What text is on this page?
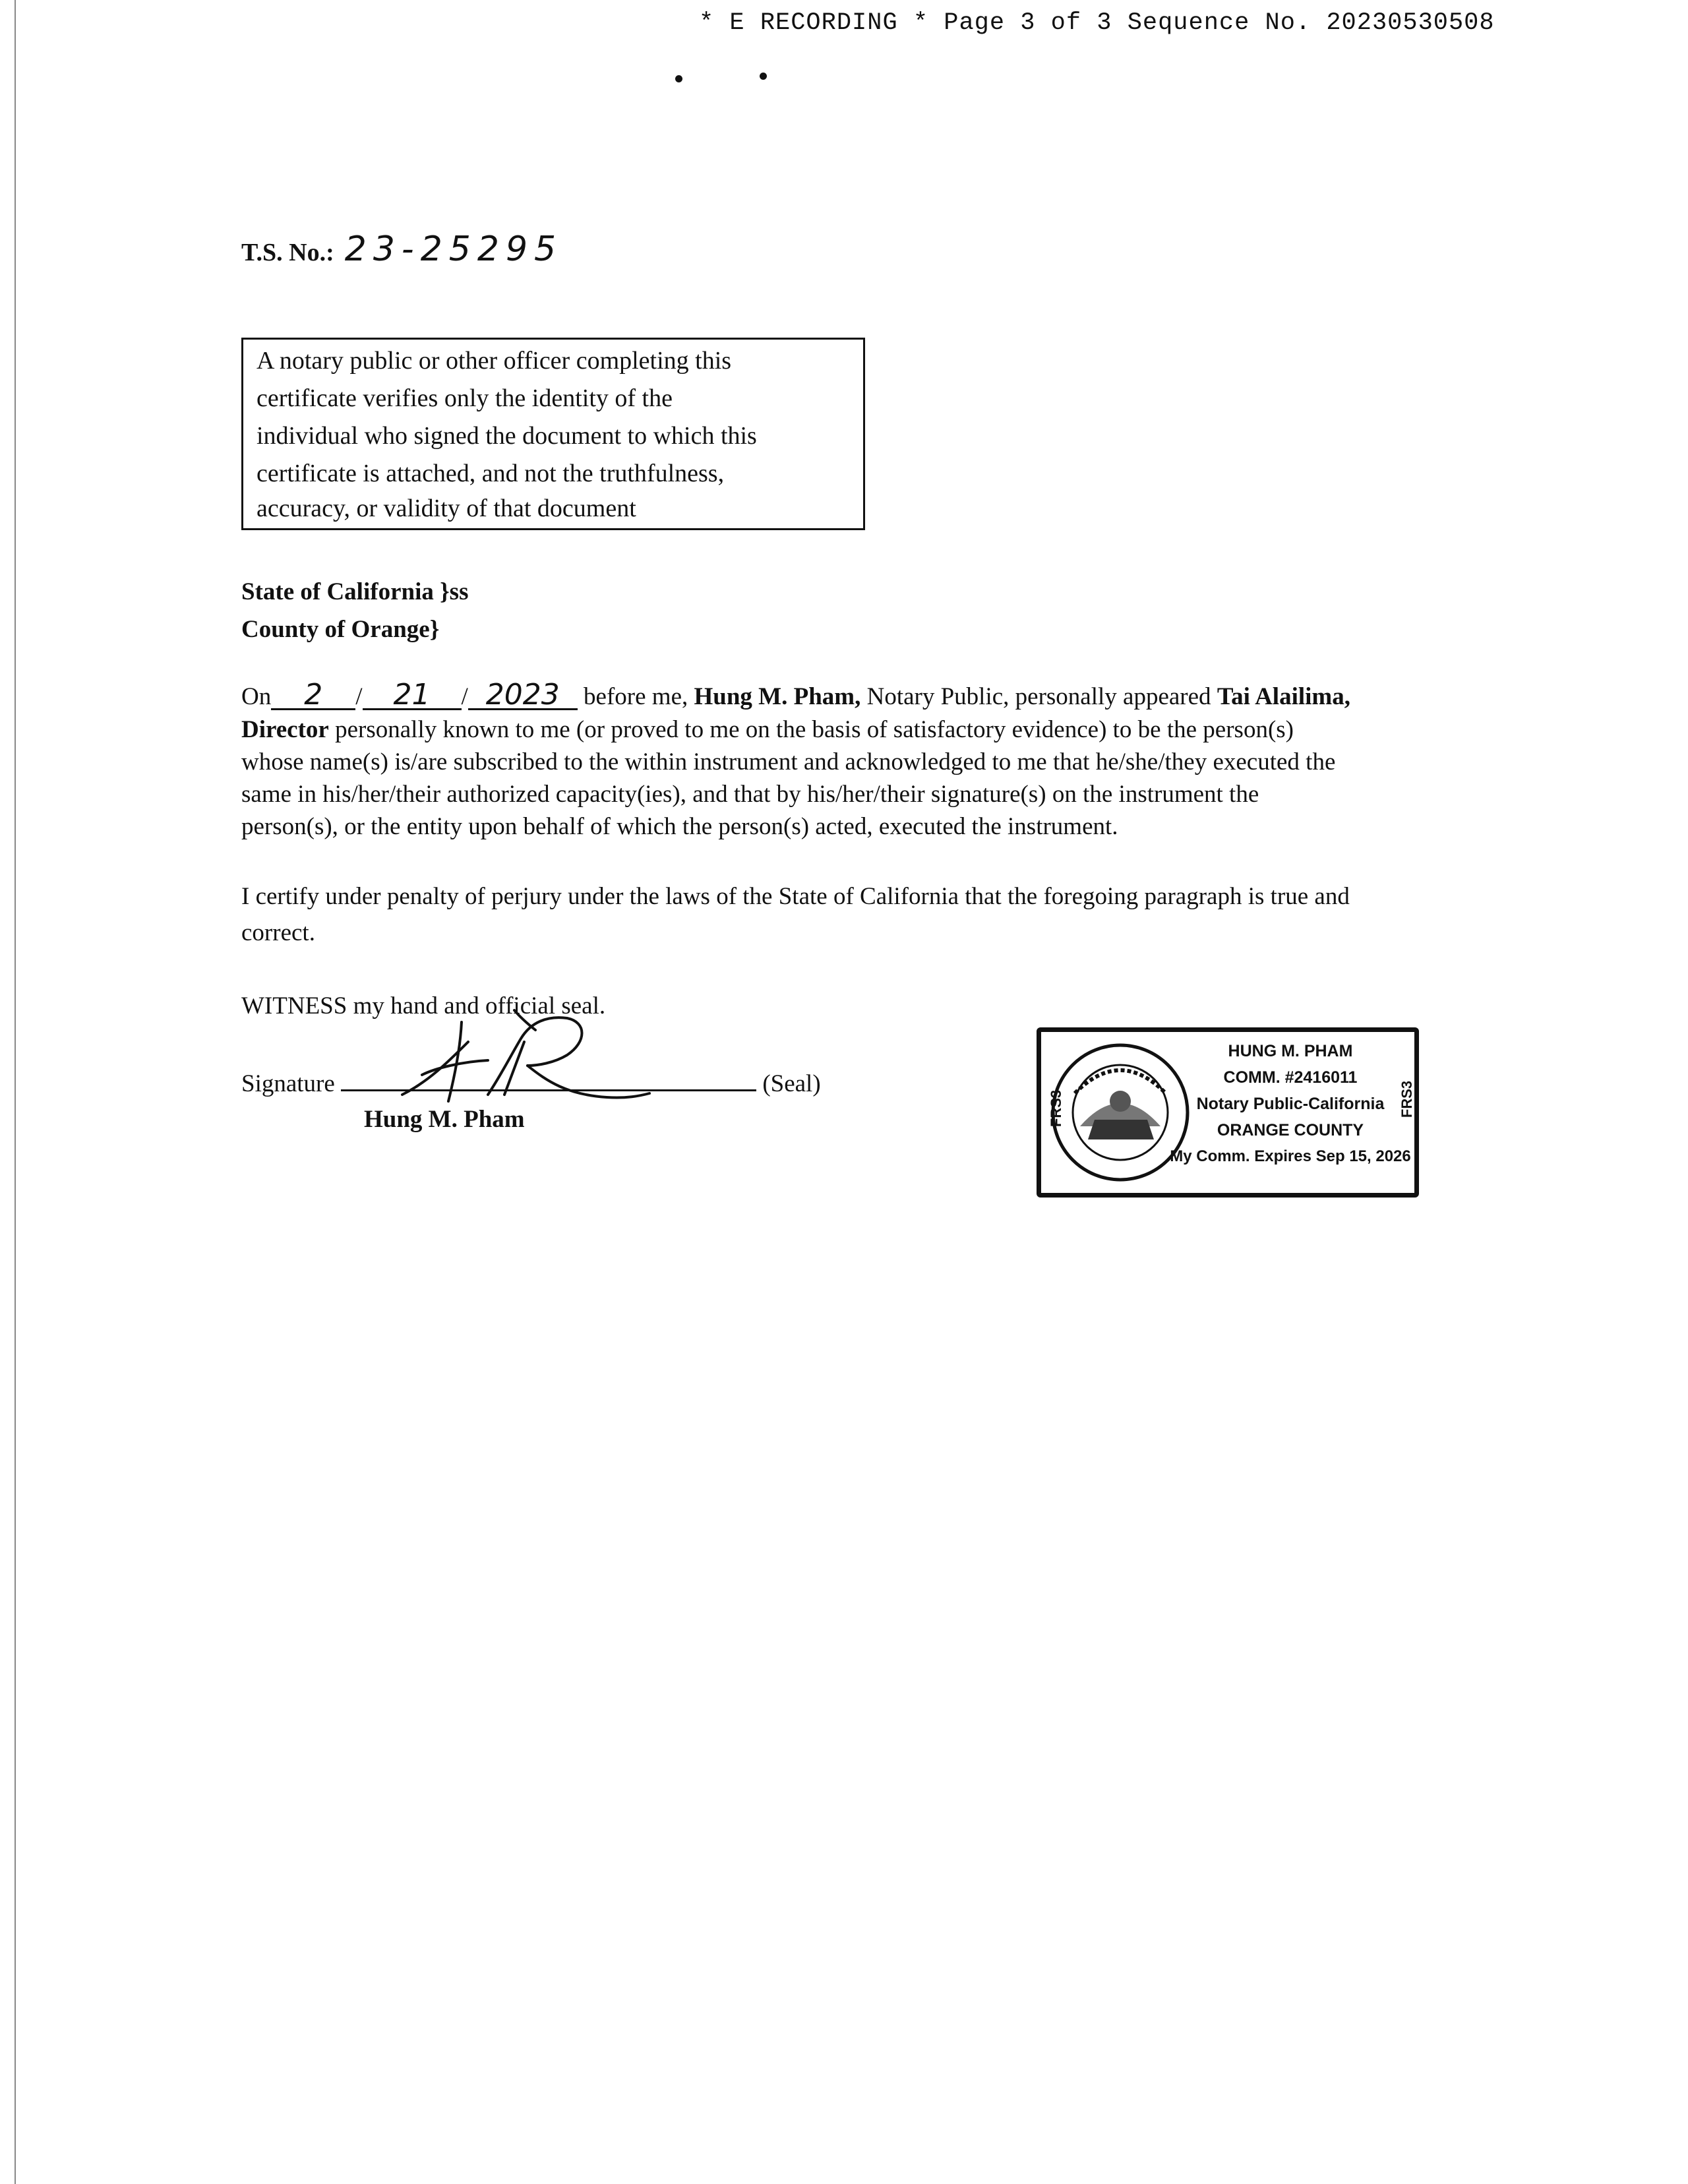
* E RECORDING * Page 3 of 3 Sequence No. 20230530508
T.S. No.: 23-25295
A notary public or other officer completing this
certificate verifies only the identity of the
individual who signed the document to which this
certificate is attached, and not the truthfulness,
accuracy, or validity of that document
State of California }ss
County of Orange}
On 2 / 21 / 2023 before me, Hung M. Pham, Notary Public, personally appeared Tai Alailima,
Director personally known to me (or proved to me on the basis of satisfactory evidence) to be the person(s)
whose name(s) is/are subscribed to the within instrument and acknowledged to me that he/she/they executed the
same in his/her/their authorized capacity(ies), and that by his/her/their signature(s) on the instrument the
person(s), or the entity upon behalf of which the person(s) acted, executed the instrument.
I certify under penalty of perjury under the laws of the State of California that the foregoing paragraph is true and
correct.
WITNESS my hand and official seal.
Signature	(Seal)
Hung M. Pham
HUNG M. PHAM
COMM. #2416011
Notary Public-California
ORANGE COUNTY
My Comm. Expires Sep 15, 2026
FRS3	FRS3
